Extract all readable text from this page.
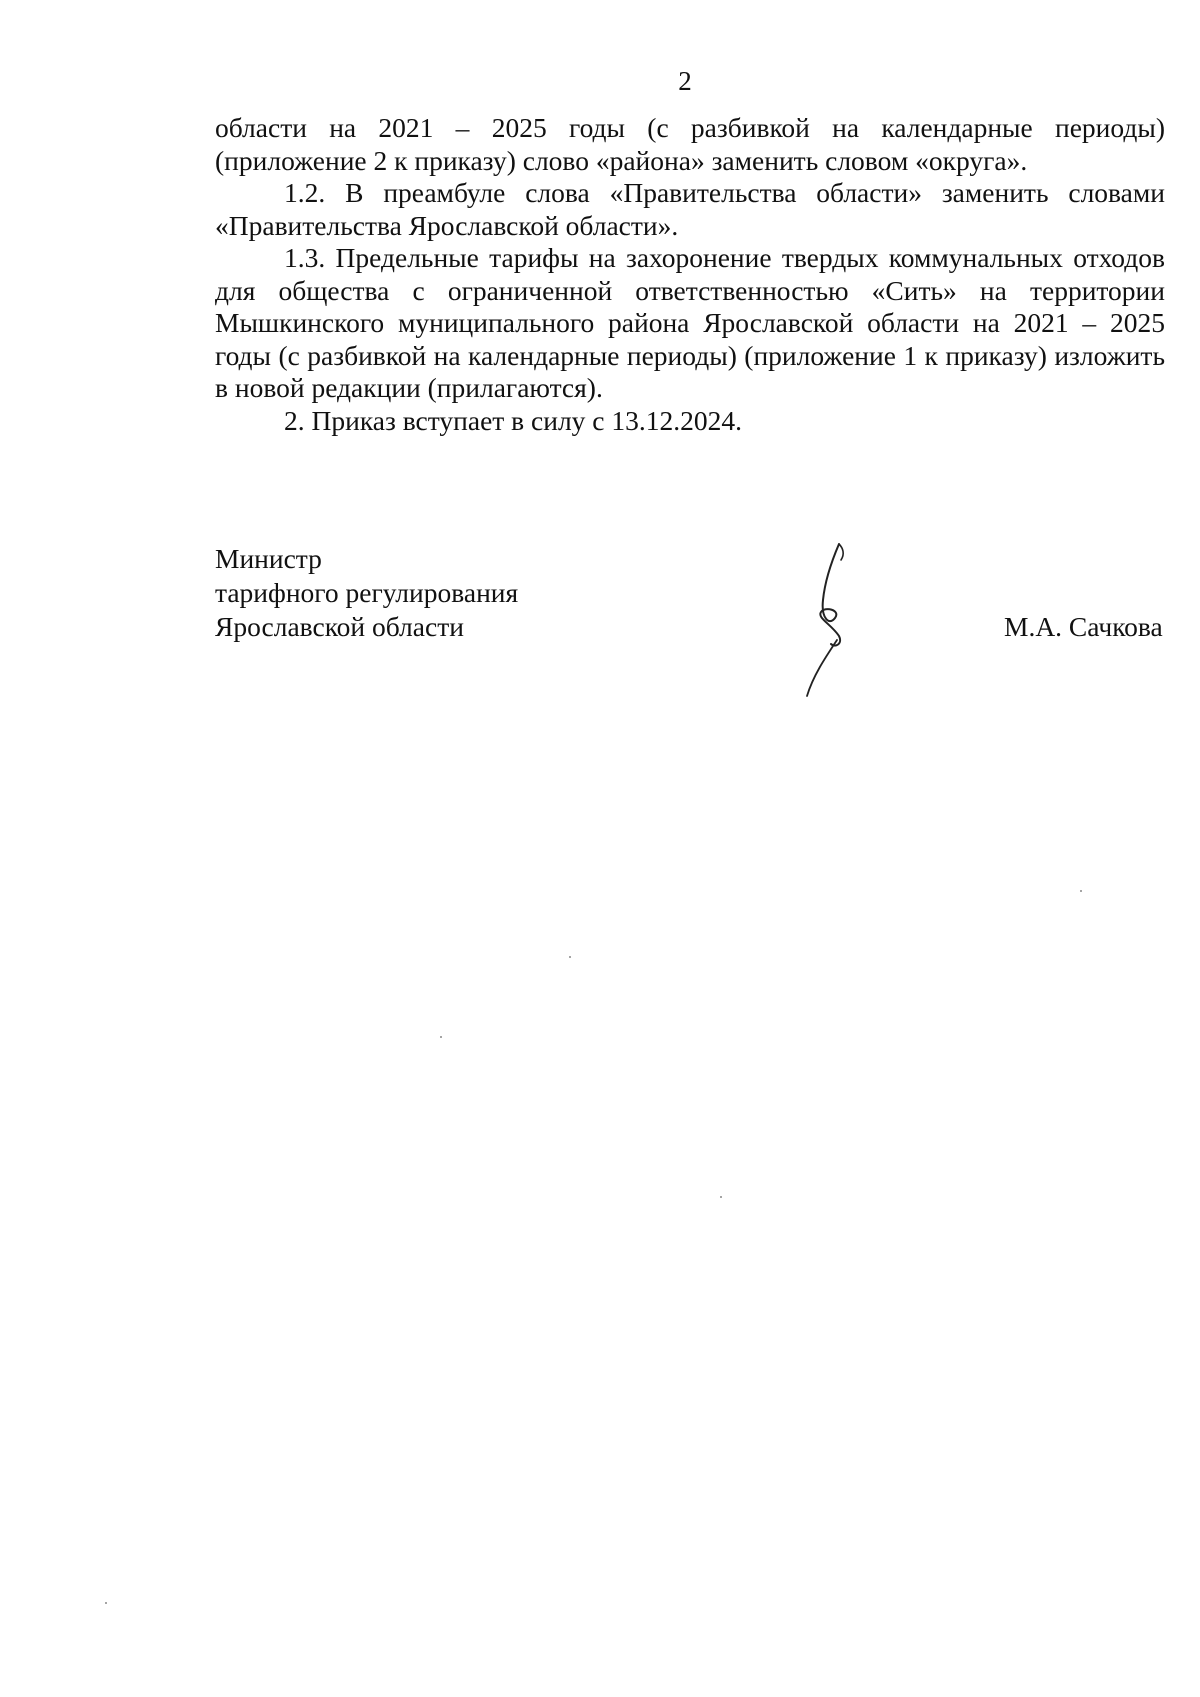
2

области на 2021 – 2025 годы (с разбивкой на календарные периоды) (приложение 2 к приказу) слово «района» заменить словом «округа».

1.2. В преамбуле слова «Правительства области» заменить словами «Правительства Ярославской области».

1.3. Предельные тарифы на захоронение твердых коммунальных отходов для общества с ограниченной ответственностью «Сить» на территории Мышкинского муниципального района Ярославской области на 2021 – 2025 годы (с разбивкой на календарные периоды) (приложение 1 к приказу) изложить в новой редакции (прилагаются).

2. Приказ вступает в силу с 13.12.2024.

Министр
тарифного регулирования
Ярославской области	М.А. Сачкова
